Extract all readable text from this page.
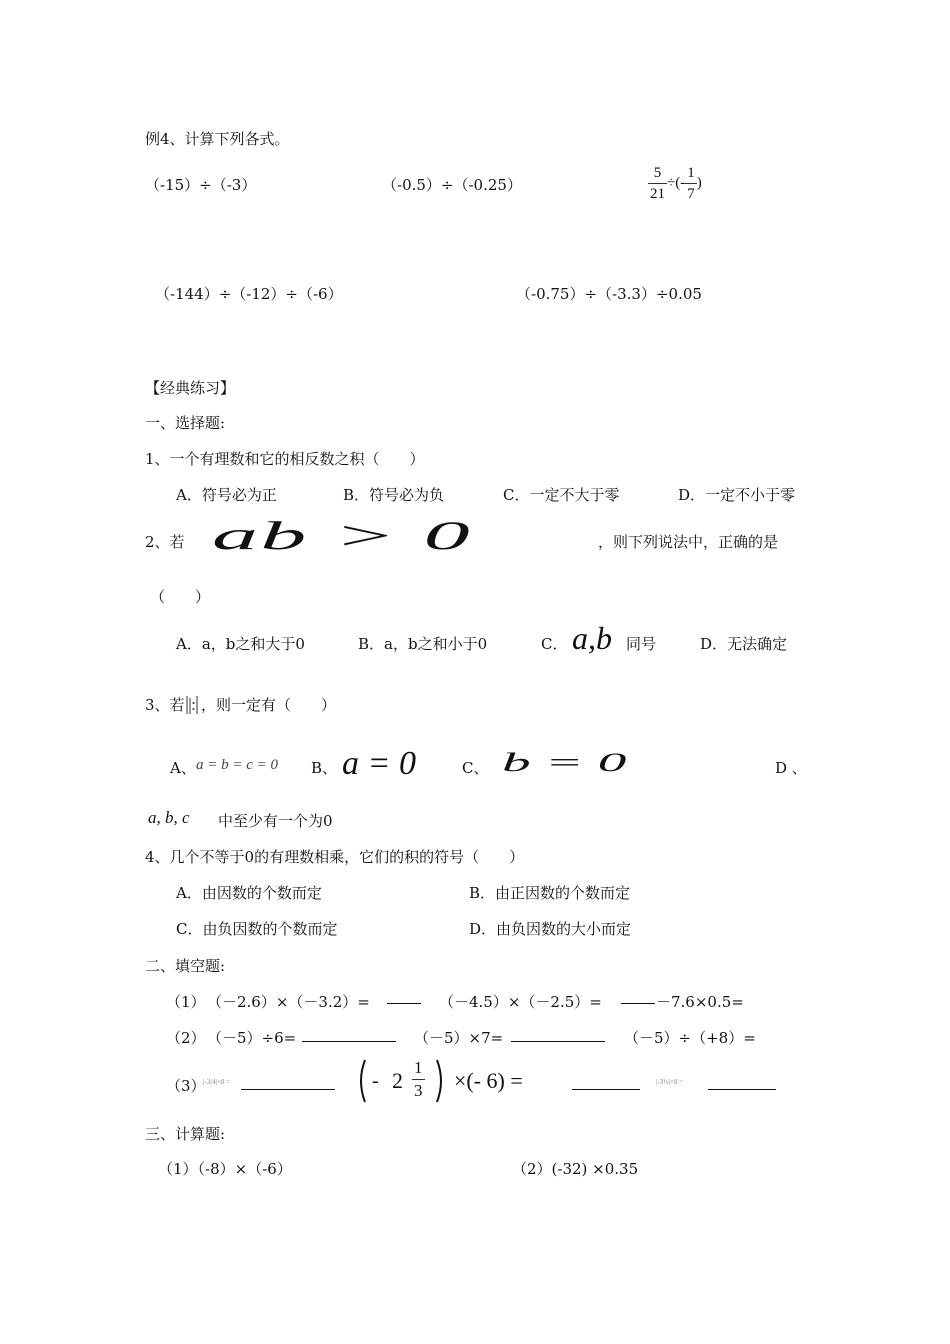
例4、计算下列各式。
（-15）÷（-3）	（-0.5）÷（-0.25）	$\frac{5}{21}$ ÷(- $\frac{1}{7}$ )
（-144）÷（-12）÷（-6）	（-0.75）÷（-3.3）÷0.05
【经典练习】
一、选择题:
1、一个有理数和它的相反数之积（　　）
A．符号必为正	B．符号必为负	C．一定不大于零	D．一定不小于零
2、若 ab > 0	，则下列说法中，正确的是
（　　）
A．a，b之和大于0	B．a，b之和小于0	C． a,b 同号	D．无法确定
3、若 ，则一定有（　　）
A、 a = b = c = 0 B、 a = 0	C、 b = 0	D 、
a, b, c 中至少有一个为0
4、几个不等于0的有理数相乘，它们的积的符号（　　）
A．由因数的个数而定	B．由正因数的个数而定
C．由负因数的个数而定	D．由负因数的大小而定
二、填空题:
（1） （－2.6）×（－3.2）=	（－4.5）×（－2.5）=	－7.6×0.5=
（2） （－5）÷6=	（－5）×7=	（－5）÷（+8）=
（3）
|-3/4|×8 =	- $2 \frac{1}{3}$ ×(- 6) =	|-3½|×8 =
三、计算题:
（1）（-8）×（-6）	（2）(-32) ×0.35
